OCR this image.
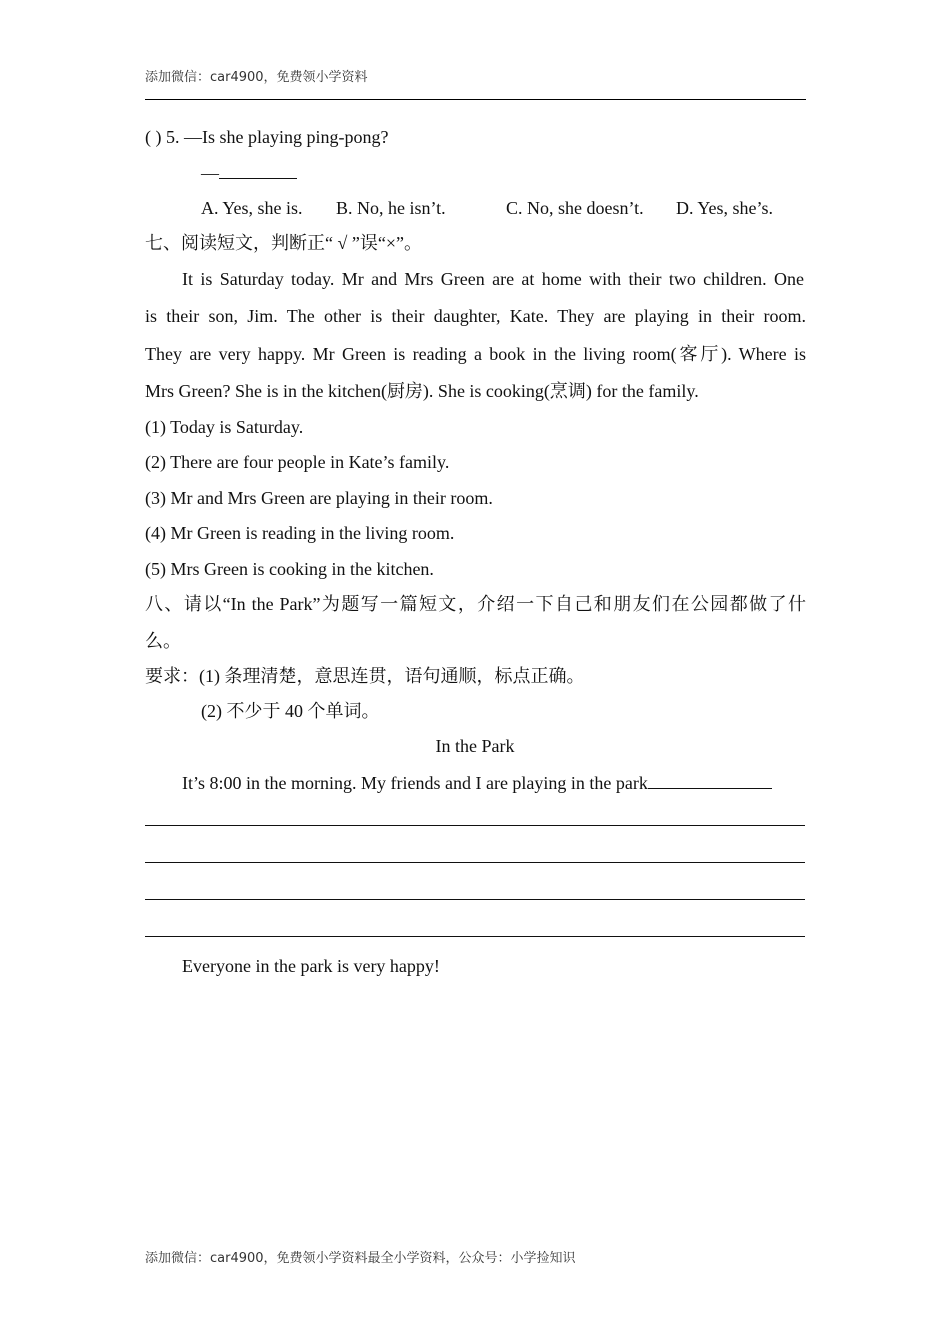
添加微信：car4900，免费领小学资料
( ) 5. —Is she playing ping-pong?
—
A. Yes, she is. B. No, he isn’t.	C. No, she doesn’t. D. Yes, she’s.
七、阅读短文，判断正“ √ ”误“×”。
It is Saturday today. Mr and Mrs Green are at home with their two children. One
is their son, Jim. The other is their daughter, Kate. They are playing in their room.
They are very happy. Mr Green is reading a book in the living room(客厅). Where is
Mrs Green? She is in the kitchen(厨房). She is cooking(烹调) for the family.
(1) Today is Saturday.
(2) There are four people in Kate’s family.
(3) Mr and Mrs Green are playing in their room.
(4) Mr Green is reading in the living room.
(5) Mrs Green is cooking in the kitchen.
八、请以“In the Park”为题写一篇短文，介绍一下自己和朋友们在公园都做了什
么。
要求：(1) 条理清楚，意思连贯，语句通顺，标点正确。
(2) 不少于 40 个单词。
In the Park
It’s 8:00 in the morning. My friends and I are playing in the park
Everyone in the park is very happy!
添加微信：car4900，免费领小学资料最全小学资料，公众号：小学捡知识
